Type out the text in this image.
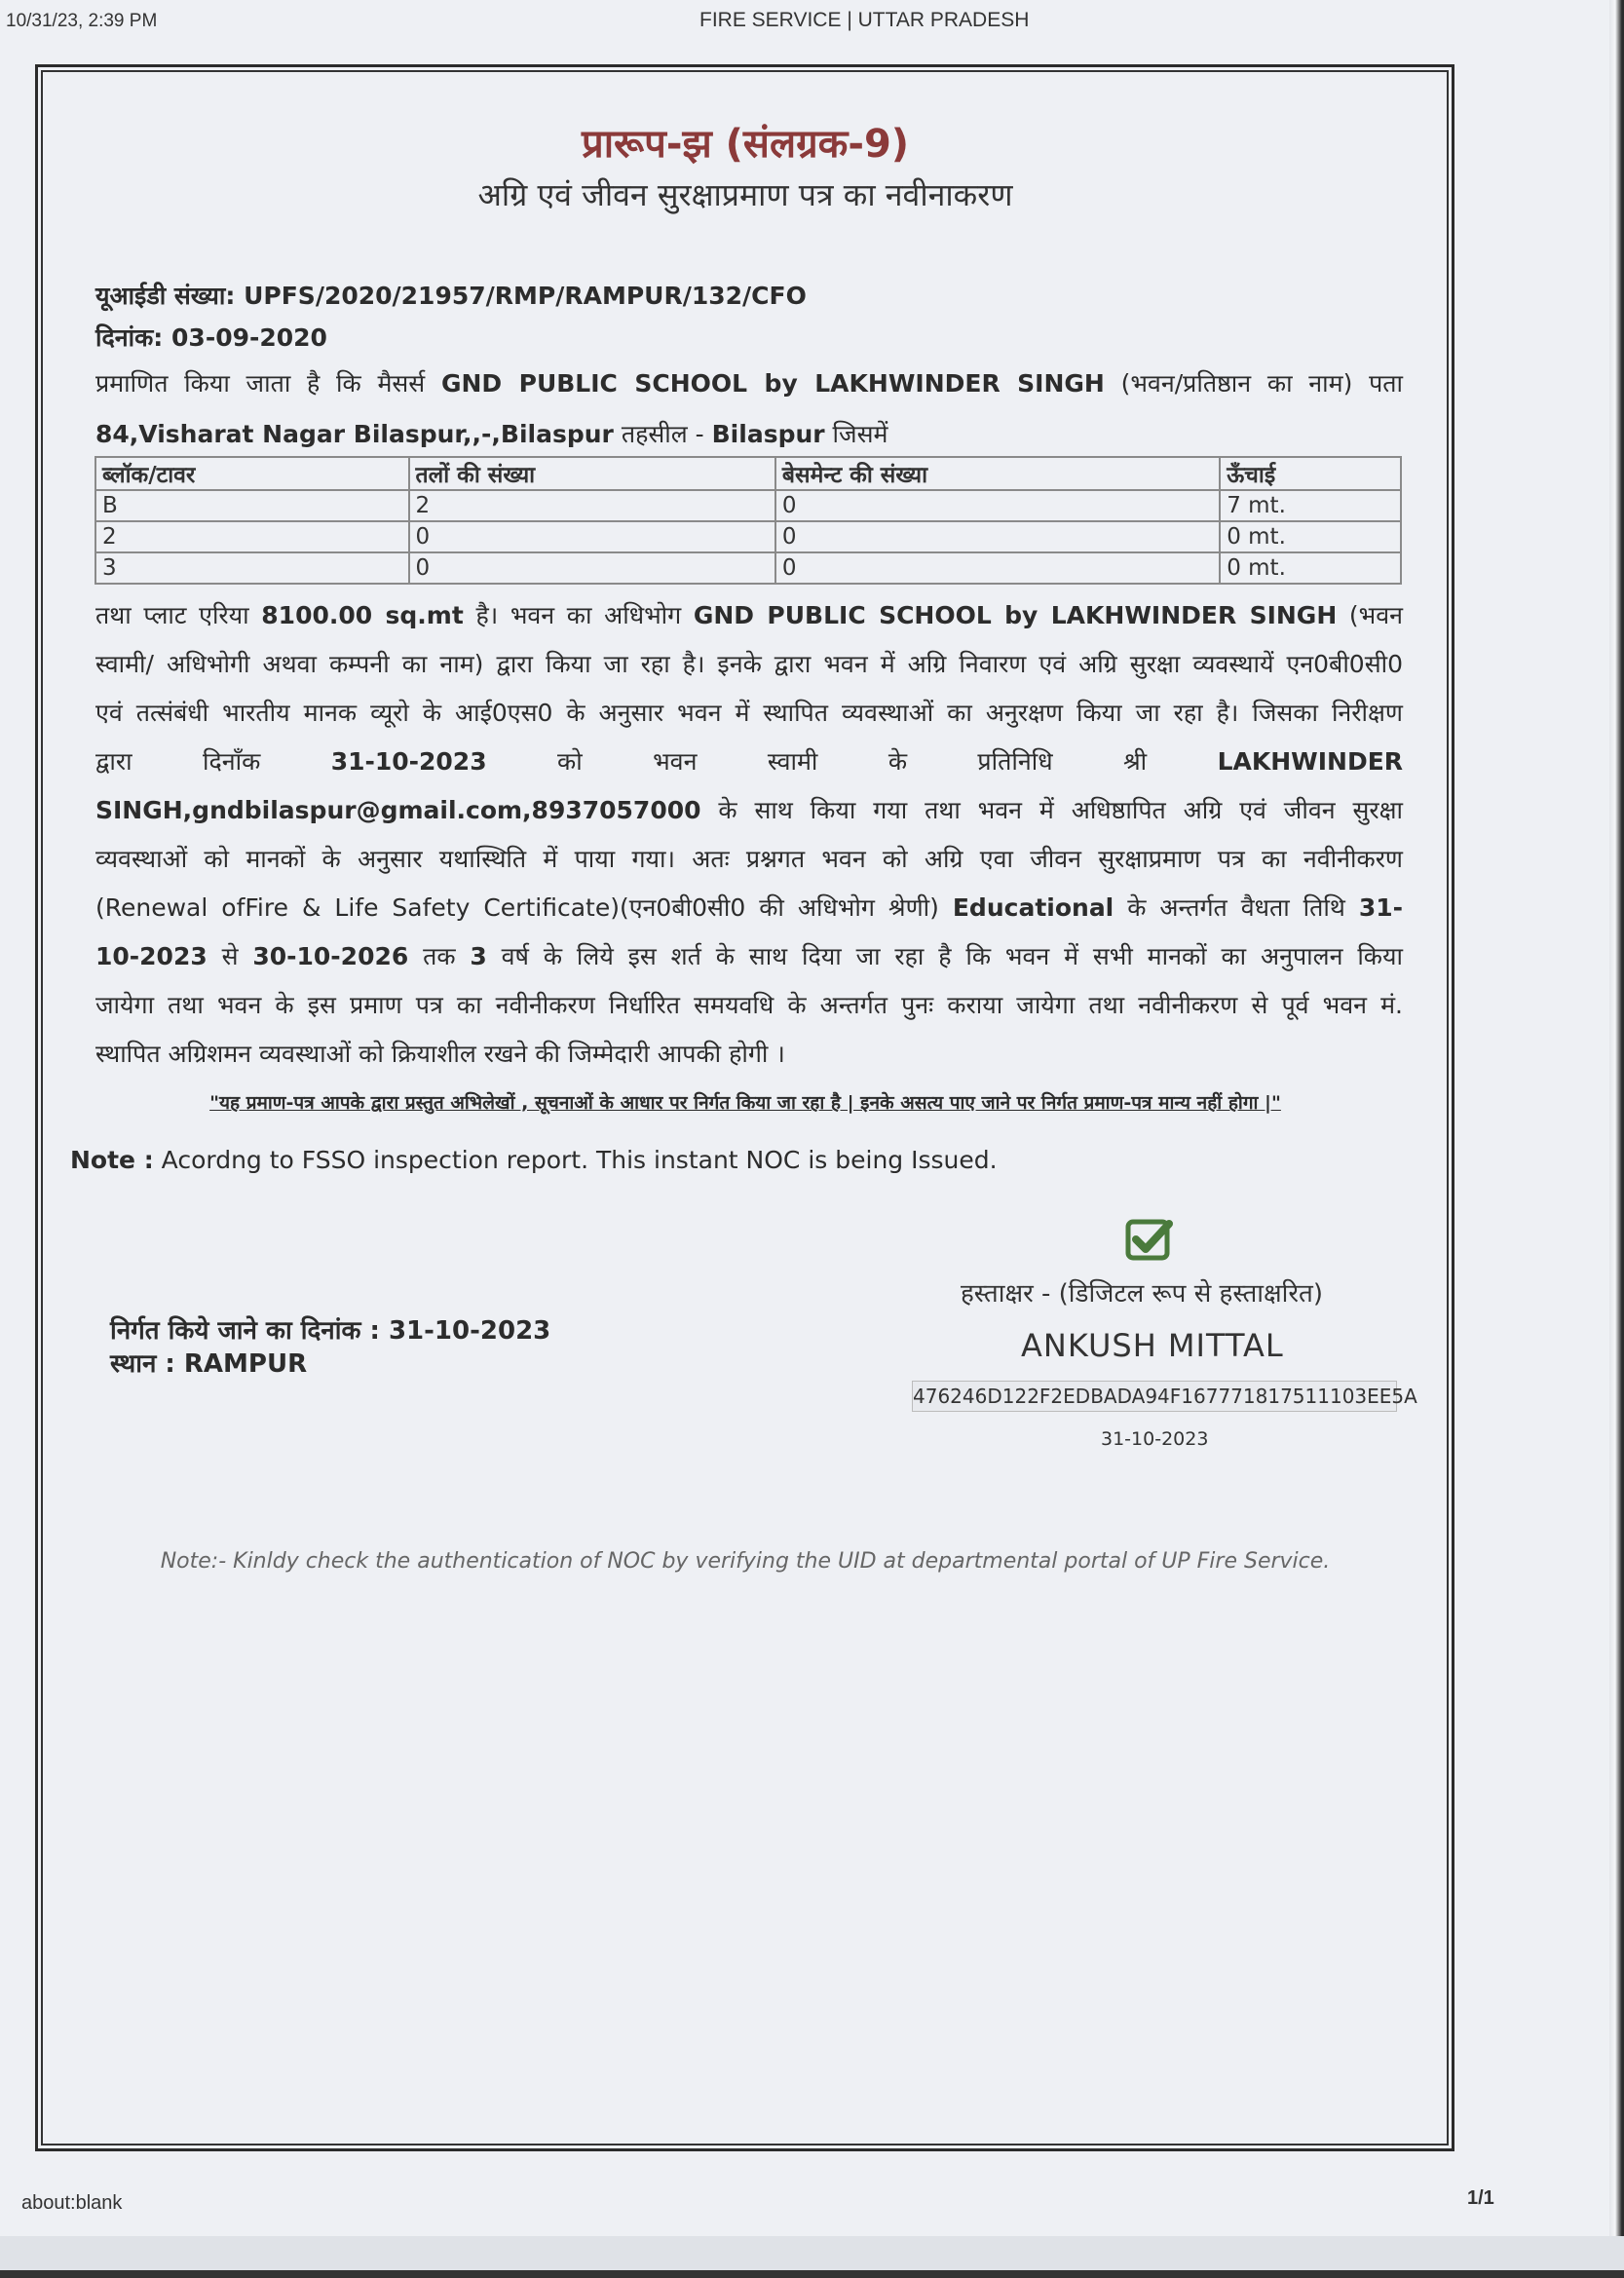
10/31/23, 2:39 PM	FIRE SERVICE | UTTAR PRADESH
प्रारूप-झ (संलग्रक-9)
अग्रि एवं जीवन सुरक्षाप्रमाण पत्र का नवीनाकरण
यूआईडी संख्या: UPFS/2020/21957/RMP/RAMPUR/132/CFO
दिनांक: 03-09-2020
प्रमाणित किया जाता है कि मैसर्स GND PUBLIC SCHOOL by LAKHWINDER SINGH (भवन/प्रतिष्ठान का नाम) पता
84,Visharat Nagar Bilaspur,,-,Bilaspur तहसील - Bilaspur जिसमें
ब्लॉक/टावर	तलों की संख्या	बेसमेन्ट की संख्या	ऊँचाई
B	2	0	7 mt.
2	0	0	0 mt.
3	0	0	0 mt.
तथा प्लाट एरिया 8100.00 sq.mt है। भवन का अधिभोग GND PUBLIC SCHOOL by LAKHWINDER SINGH (भवन
स्वामी/ अधिभोगी अथवा कम्पनी का नाम) द्वारा किया जा रहा है। इनके द्वारा भवन में अग्रि निवारण एवं अग्रि सुरक्षा व्यवस्थायें एन0बी0सी0
एवं तत्संबंधी भारतीय मानक व्यूरो के आई0एस0 के अनुसार भवन में स्थापित व्यवस्थाओं का अनुरक्षण किया जा रहा है। जिसका निरीक्षण
द्वारा	दिनाँक	31-10-2023	को	भवन	स्वामी	के	प्रतिनिधि	श्री	LAKHWINDER
SINGH,gndbilaspur@gmail.com,8937057000 के साथ किया गया तथा भवन में अधिष्ठापित अग्रि एवं जीवन सुरक्षा
व्यवस्थाओं को मानकों के अनुसार यथास्थिति में पाया गया। अतः प्रश्नगत भवन को अग्रि एवा जीवन सुरक्षाप्रमाण पत्र का नवीनीकरण
(Renewal ofFire & Life Safety Certificate)(एन0बी0सी0 की अधिभोग श्रेणी) Educational के अन्तर्गत वैधता तिथि 31-
10-2023 से 30-10-2026 तक 3 वर्ष के लिये इस शर्त के साथ दिया जा रहा है कि भवन में सभी मानकों का अनुपालन किया
जायेगा तथा भवन के इस प्रमाण पत्र का नवीनीकरण निर्धारित समयवधि के अन्तर्गत पुनः कराया जायेगा तथा नवीनीकरण से पूर्व भवन मं.
स्थापित अग्रिशमन व्यवस्थाओं को क्रियाशील रखने की जिम्मेदारी आपकी होगी ।
"यह प्रमाण-पत्र आपके द्वारा प्रस्तुत अभिलेखों , सूचनाओं के आधार पर निर्गत किया जा रहा है | इनके असत्य पाए जाने पर निर्गत प्रमाण-पत्र मान्य नहीं होगा |"
Note : Acordng to FSSO inspection report. This instant NOC is being Issued.
हस्ताक्षर - (डिजिटल रूप से हस्ताक्षरित)
ANKUSH MITTAL
476246D122F2EDBADA94F167771817511103EE5A
31-10-2023
निर्गत किये जाने का दिनांक : 31-10-2023
स्थान : RAMPUR
Note:- Kinldy check the authentication of NOC by verifying the UID at departmental portal of UP Fire Service.
about:blank	1/1
